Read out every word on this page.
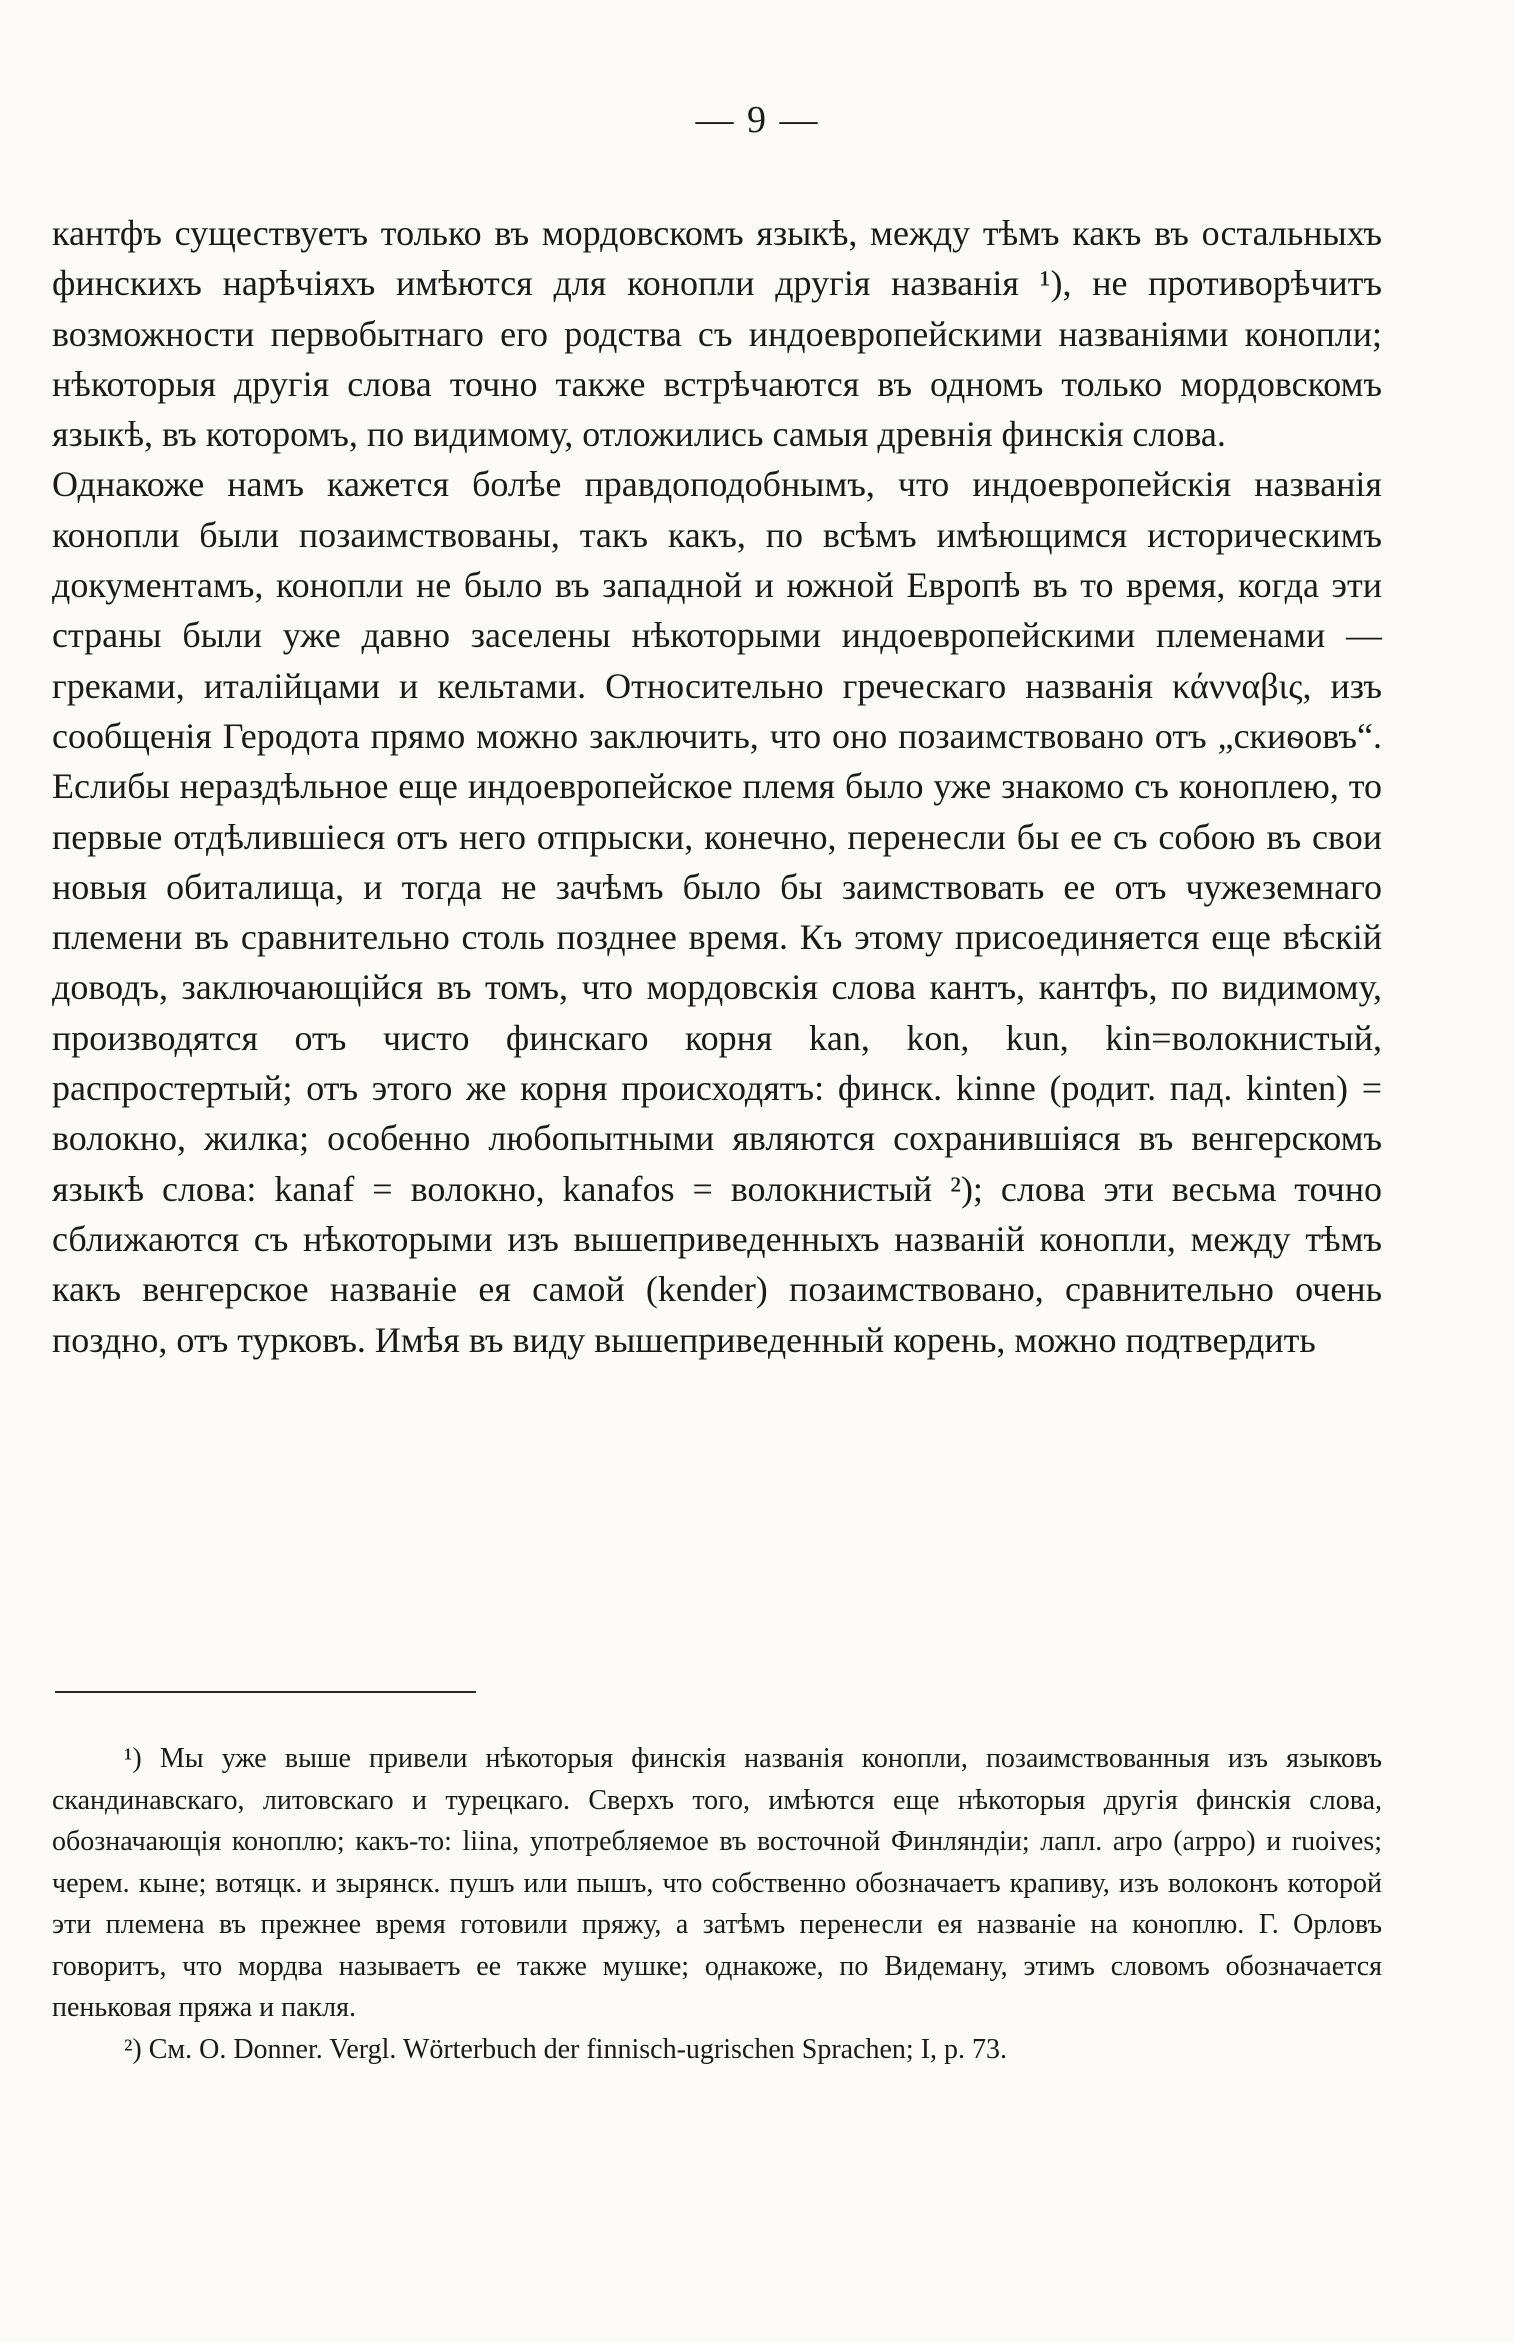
— 9 —

кантфъ существуетъ только въ мордовскомъ языкѣ, между тѣмъ какъ въ остальныхъ финскихъ нарѣчіяхъ имѣются для конопли другія названія ¹), не противорѣчитъ возможности первобытнаго его родства съ индоевропейскими названіями конопли; нѣкоторыя другія слова точно также встрѣчаются въ одномъ только мордовскомъ языкѣ, въ которомъ, по видимому, отложились самыя древнія финскія слова.

Однакоже намъ кажется болѣе правдоподобнымъ, что индоевропейскія названія конопли были позаимствованы, такъ какъ, по всѣмъ имѣющимся историческимъ документамъ, конопли не было въ западной и южной Европѣ въ то время, когда эти страны были уже давно заселены нѣкоторыми индоевропейскими племенами — греками, италійцами и кельтами. Относительно греческаго названія κάνναβις, изъ сообщенія Геродота прямо можно заключить, что оно позаимствовано отъ „скиѳовъ“. Еслибы нераздѣльное еще индоевропейское племя было уже знакомо съ коноплею, то первые отдѣлившіеся отъ него отпрыски, конечно, перенесли бы ее съ собою въ свои новыя обиталища, и тогда не зачѣмъ было бы заимствовать ее отъ чужеземнаго племени въ сравнительно столь позднее время. Къ этому присоединяется еще вѣскій доводъ, заключающійся въ томъ, что мордовскія слова кантъ, кантфъ, по видимому, производятся отъ чисто финскаго корня kan, kon, kun, kin=волокнистый, распростертый; отъ этого же корня происходятъ: финск. kinne (родит. пад. kinten) = волокно, жилка; особенно любопытными являются сохранившіяся въ венгерскомъ языкѣ слова: kanaf = волокно, kanafos = волокнистый ²); слова эти весьма точно сближаются съ нѣкоторыми изъ вышеприведенныхъ названій конопли, между тѣмъ какъ венгерское названіе ея самой (kender) позаимствовано, сравнительно очень поздно, отъ турковъ. Имѣя въ виду вышеприведенный корень, можно подтвердить

¹) Мы уже выше привели нѣкоторыя финскія названія конопли, позаимствованныя изъ языковъ скандинавскаго, литовскаго и турецкаго. Сверхъ того, имѣются еще нѣкоторыя другія финскія слова, обозначающія коноплю; какъ-то: liina, употребляемое въ восточной Финляндіи; лапл. arpo (arppo) и ruoives; черем. кыне; вотяцк. и зырянск. пушъ или пышъ, что собственно обозначаетъ крапиву, изъ волоконъ которой эти племена въ прежнее время готовили пряжу, а затѣмъ перенесли ея названіе на коноплю. Г. Орловъ говоритъ, что мордва называетъ ее также мушке; однакоже, по Видеману, этимъ словомъ обозначается пеньковая пряжа и пакля.

²) См. O. Donner. Vergl. Wörterbuch der finnisch-ugrischen Sprachen; I, p. 73.
